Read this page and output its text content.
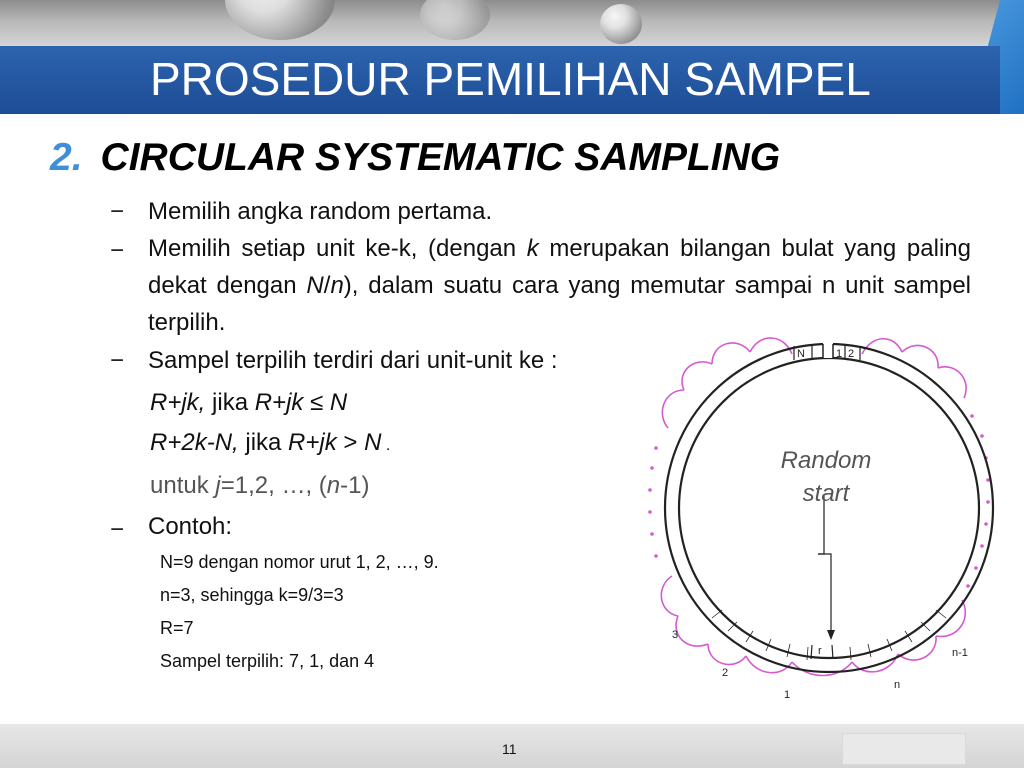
PROSEDUR PEMILIHAN SAMPEL
2. CIRCULAR SYSTEMATIC SAMPLING
− Memilih angka random pertama.
− Memilih setiap unit ke-k, (dengan k merupakan bilangan bulat yang paling dekat dengan N/n), dalam suatu cara yang memutar sampai n unit sampel terpilih.
− Sampel terpilih terdiri dari unit-unit ke :
R+jk, jika R+jk ≤ N
R+2k-N, jika R+jk > N .
untuk j=1,2, …, (n-1)
− Contoh:
N=9 dengan nomor urut 1, 2, …, 9.
n=3, sehingga k=9/3=3
R=7
Sampel terpilih: 7, 1, dan 4
N	1 2
r
3
2
1
n
n-1
Random
start
11
